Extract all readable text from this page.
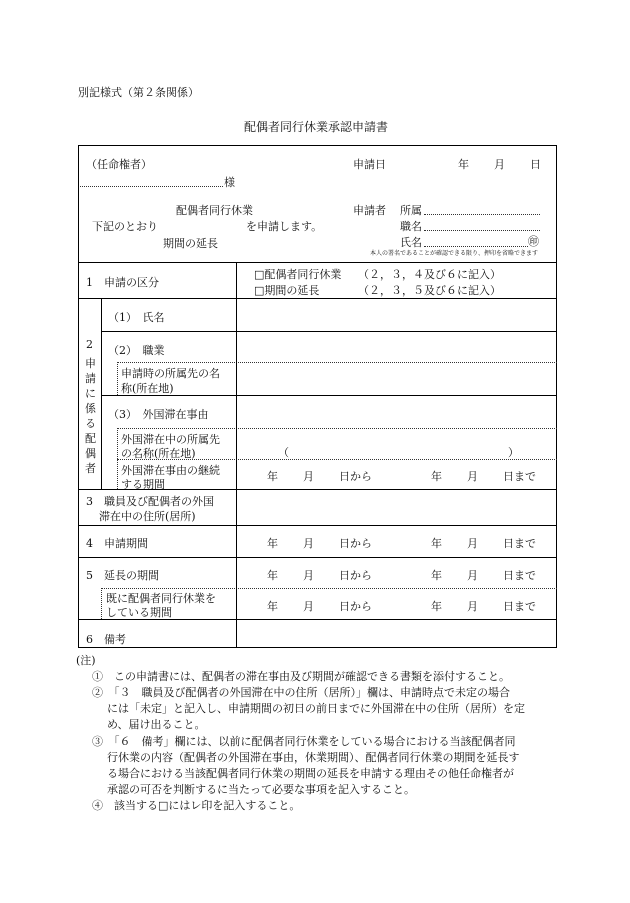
別記様式（第２条関係）
配偶者同行休業承認申請書
（任命権者）
様
申請日	年 月 日
配偶者同行休業
下記のとおり	を申請します。
期間の延長
申請者 所属
職名
氏名	㊞
本人の署名であることが確認できる限り、押印を省略できます
1　申請の区分
□配偶者同行休業 （２，３，４及び６に記入）
□期間の延長	（２，３，５及び６に記入）
2
申請に係る配偶者
（1）　氏名
（2）　職業
申請時の所属先の名
称(所在地)
（3）　外国滞在事由
外国滞在中の所属先
の名称(所在地)	（	）
外国滞在事由の継続
する期間
年 月 日から	年 月 日まで
3　職員及び配偶者の外国
滞在中の住所(居所)
4　申請期間	年 月 日から	年 月 日まで
5　延長の期間	年 月 日から	年 月 日まで
既に配偶者同行休業を
している期間	年 月 日から	年 月 日まで
6　備考
(注)
①　この申請書には、配偶者の滞在事由及び期間が確認できる書類を添付すること。
②　「３　職員及び配偶者の外国滞在中の住所（居所）」欄は、申請時点で未定の場合
には「未定」と記入し、申請期間の初日の前日までに外国滞在中の住所（居所）を定
め、届け出ること。
③　「６　備考」欄には、以前に配偶者同行休業をしている場合における当該配偶者同
行休業の内容（配偶者の外国滞在事由，休業期間）、配偶者同行休業の期間を延長す
る場合における当該配偶者同行休業の期間の延長を申請する理由その他任命権者が
承認の可否を判断するに当たって必要な事項を記入すること。
④　該当する□にはレ印を記入すること。
